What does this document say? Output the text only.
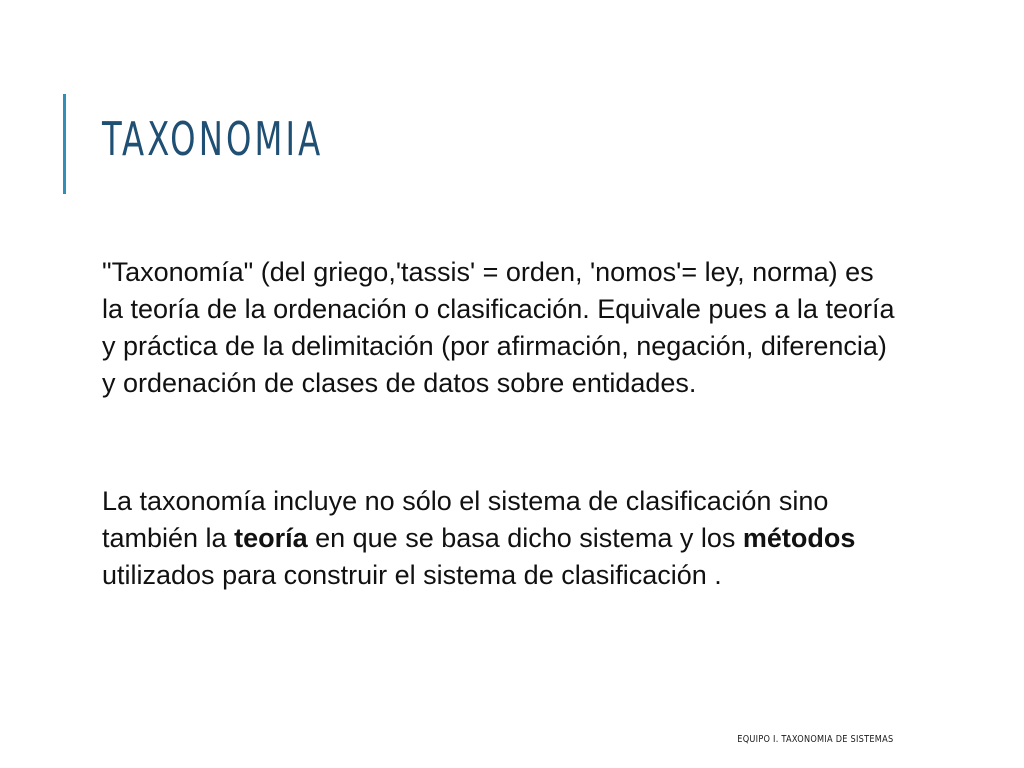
TAXONOMIA

"Taxonomía" (del griego,'tassis' = orden, 'nomos'= ley, norma) es la teoría de la ordenación o clasificación. Equivale pues a la teoría y práctica de la delimitación (por afirmación, negación, diferencia) y ordenación de clases de datos sobre entidades.

La taxonomía incluye no sólo el sistema de clasificación sino también la teoría en que se basa dicho sistema y los métodos utilizados para construir el sistema de clasificación .

EQUIPO I. TAXONOMIA DE SISTEMAS
